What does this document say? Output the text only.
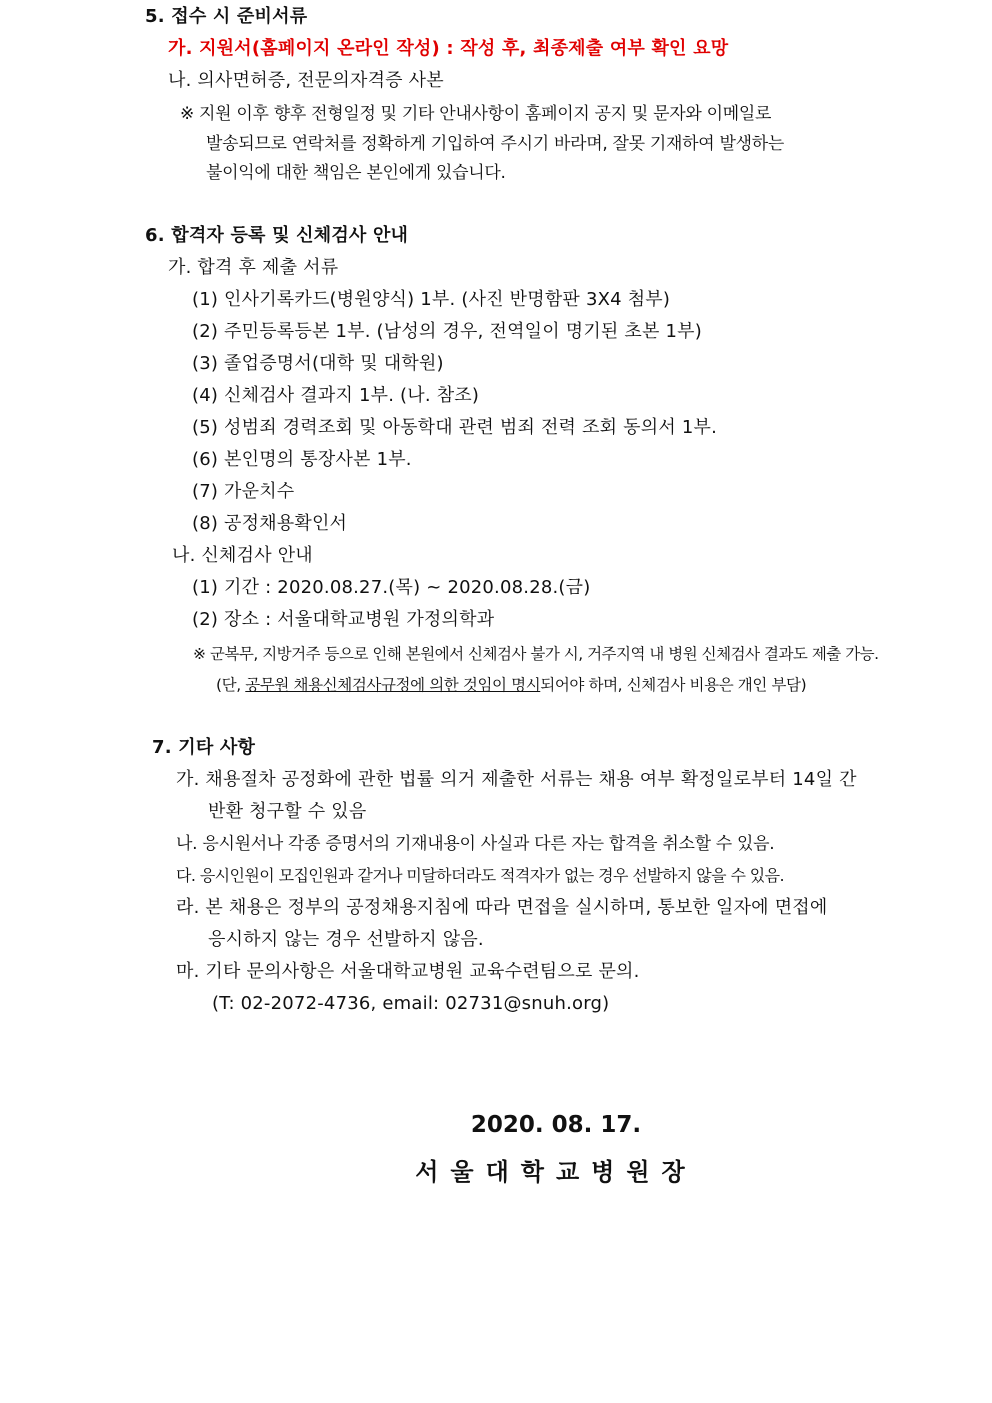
5. 접수 시 준비서류
가. 지원서(홈페이지 온라인 작성) : 작성 후, 최종제출 여부 확인 요망
나. 의사면허증, 전문의자격증 사본
※ 지원 이후 향후 전형일정 및 기타 안내사항이 홈페이지 공지 및 문자와 이메일로
발송되므로 연락처를 정확하게 기입하여 주시기 바라며, 잘못 기재하여 발생하는
불이익에 대한 책임은 본인에게 있습니다.
6. 합격자 등록 및 신체검사 안내
가. 합격 후 제출 서류
(1) 인사기록카드(병원양식) 1부. (사진 반명함판 3X4 첨부)
(2) 주민등록등본 1부. (남성의 경우, 전역일이 명기된 초본 1부)
(3) 졸업증명서(대학 및 대학원)
(4) 신체검사 결과지 1부. (나. 참조)
(5) 성범죄 경력조회 및 아동학대 관련 범죄 전력 조회 동의서 1부.
(6) 본인명의 통장사본 1부.
(7) 가운치수
(8) 공정채용확인서
나. 신체검사 안내
(1) 기간 : 2020.08.27.(목) ~ 2020.08.28.(금)
(2) 장소 : 서울대학교병원 가정의학과
※ 군복무, 지방거주 등으로 인해 본원에서 신체검사 불가 시, 거주지역 내 병원 신체검사 결과도 제출 가능.
(단, 공무원 채용신체검사규정에 의한 것임이 명시되어야 하며, 신체검사 비용은 개인 부담)
7. 기타 사항
가. 채용절차 공정화에 관한 법률 의거 제출한 서류는 채용 여부 확정일로부터 14일 간
반환 청구할 수 있음
나. 응시원서나 각종 증명서의 기재내용이 사실과 다른 자는 합격을 취소할 수 있음.
다. 응시인원이 모집인원과 같거나 미달하더라도 적격자가 없는 경우 선발하지 않을 수 있음.
라. 본 채용은 정부의 공정채용지침에 따라 면접을 실시하며, 통보한 일자에 면접에
응시하지 않는 경우 선발하지 않음.
마. 기타 문의사항은 서울대학교병원 교육수련팀으로 문의.
(T: 02-2072-4736, email: 02731@snuh.org)
2020. 08. 17.
서울대학교병원장
